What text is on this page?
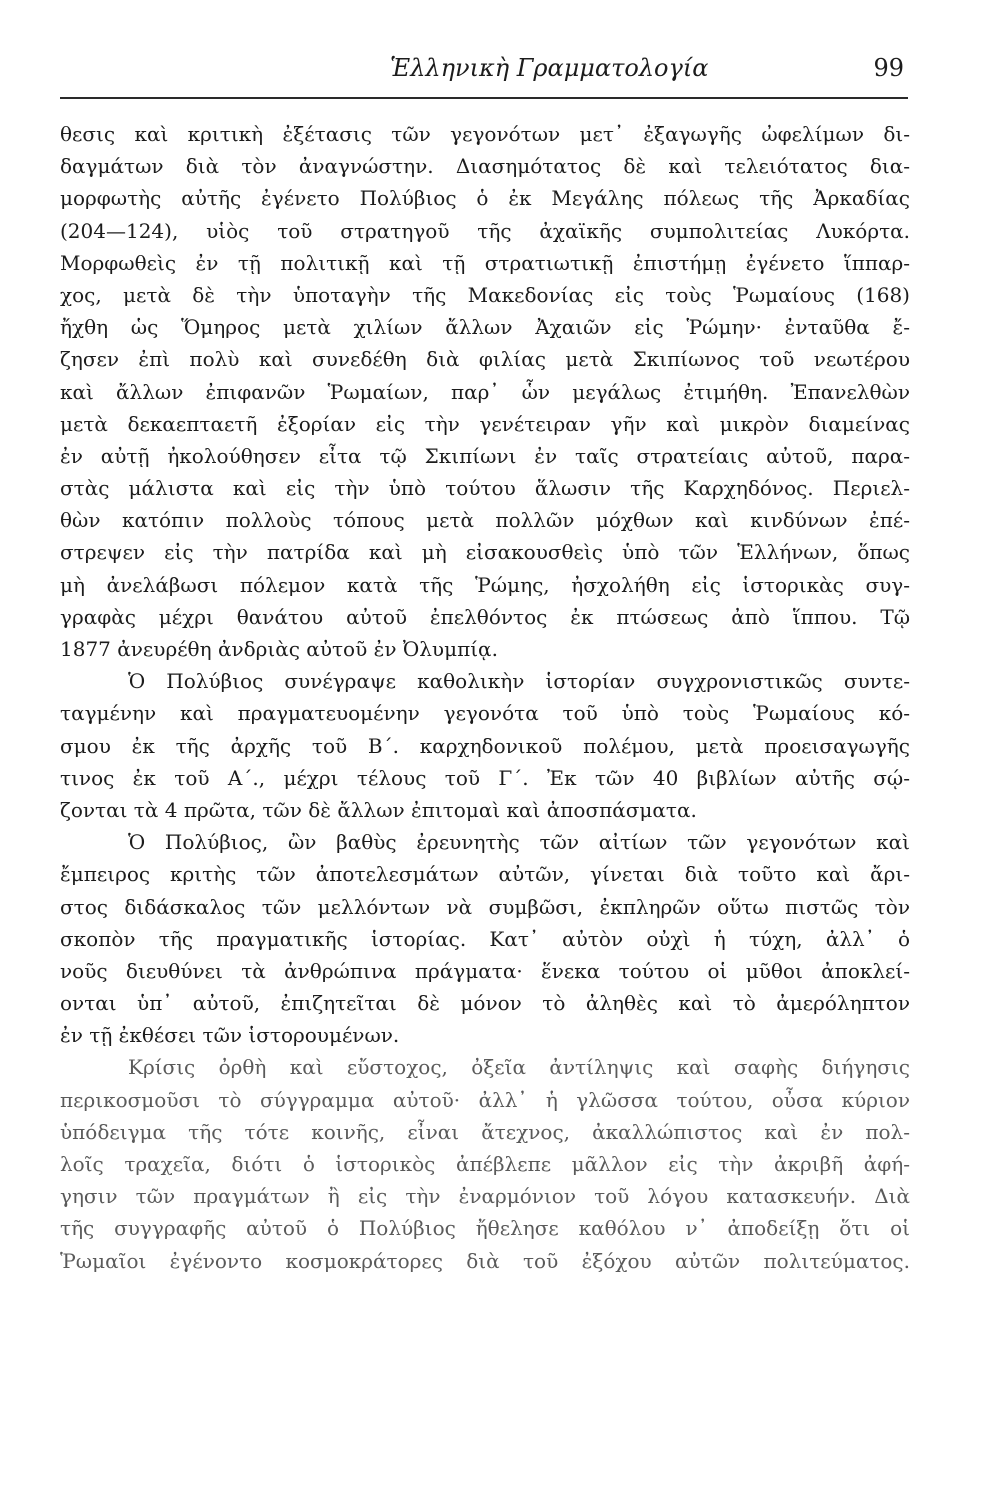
Ἑλληνικὴ Γραμματολογία	99
θεσις καὶ κριτικὴ ἐξέτασις τῶν γεγονότων μετ᾽ ἐξαγωγῆς ὠφελίμων δι-
δαγμάτων διὰ τὸν ἀναγνώστην. Διασημότατος δὲ καὶ τελειότατος δια-
μορφωτὴς αὐτῆς ἐγένετο Πολύβιος ὁ ἐκ Μεγάλης πόλεως τῆς Ἀρκαδίας
(204—124), υἱὸς τοῦ στρατηγοῦ τῆς ἀχαϊκῆς συμπολιτείας Λυκόρτα.
Μορφωθεὶς ἐν τῇ πολιτικῇ καὶ τῇ στρατιωτικῇ ἐπιστήμῃ ἐγένετο ἵππαρ-
χος, μετὰ δὲ τὴν ὑποταγὴν τῆς Μακεδονίας εἰς τοὺς Ῥωμαίους (168)
ἤχθη ὡς Ὅμηρος μετὰ χιλίων ἄλλων Ἀχαιῶν εἰς Ῥώμην· ἐνταῦθα ἔ-
ζησεν ἐπὶ πολὺ καὶ συνεδέθη διὰ φιλίας μετὰ Σκιπίωνος τοῦ νεωτέρου
καὶ ἄλλων ἐπιφανῶν Ῥωμαίων, παρ᾽ ὧν μεγάλως ἐτιμήθη. Ἐπανελθὼν
μετὰ δεκαεπταετῆ ἐξορίαν εἰς τὴν γενέτειραν γῆν καὶ μικρὸν διαμείνας
ἐν αὐτῇ ἠκολούθησεν εἶτα τῷ Σκιπίωνι ἐν ταῖς στρατείαις αὐτοῦ, παρα-
στὰς μάλιστα καὶ εἰς τὴν ὑπὸ τούτου ἅλωσιν τῆς Καρχηδόνος. Περιελ-
θὼν κατόπιν πολλοὺς τόπους μετὰ πολλῶν μόχθων καὶ κινδύνων ἐπέ-
στρεψεν εἰς τὴν πατρίδα καὶ μὴ εἰσακουσθεὶς ὑπὸ τῶν Ἑλλήνων, ὅπως
μὴ ἀνελάβωσι πόλεμον κατὰ τῆς Ῥώμης, ἠσχολήθη εἰς ἱστορικὰς συγ-
γραφὰς μέχρι θανάτου αὐτοῦ ἐπελθόντος ἐκ πτώσεως ἀπὸ ἵππου. Τῷ
1877 ἀνευρέθη ἀνδριὰς αὐτοῦ ἐν Ὀλυμπίᾳ.
Ὁ Πολύβιος συνέγραψε καθολικὴν ἱστορίαν συγχρονιστικῶς συντε-
ταγμένην καὶ πραγματευομένην γεγονότα τοῦ ὑπὸ τοὺς Ῥωμαίους κό-
σμου ἐκ τῆς ἀρχῆς τοῦ Β΄. καρχηδονικοῦ πολέμου, μετὰ προεισαγωγῆς
τινος ἐκ τοῦ Α΄., μέχρι τέλους τοῦ Γ΄. Ἐκ τῶν 40 βιβλίων αὐτῆς σῴ-
ζονται τὰ 4 πρῶτα, τῶν δὲ ἄλλων ἐπιτομαὶ καὶ ἀποσπάσματα.
Ὁ Πολύβιος, ὢν βαθὺς ἐρευνητὴς τῶν αἰτίων τῶν γεγονότων καὶ
ἔμπειρος κριτὴς τῶν ἀποτελεσμάτων αὐτῶν, γίνεται διὰ τοῦτο καὶ ἄρι-
στος διδάσκαλος τῶν μελλόντων νὰ συμβῶσι, ἐκπληρῶν οὕτω πιστῶς τὸν
σκοπὸν τῆς πραγματικῆς ἱστορίας. Κατ᾽ αὐτὸν οὐχὶ ἡ τύχη, ἀλλ᾽ ὁ
νοῦς διευθύνει τὰ ἀνθρώπινα πράγματα· ἕνεκα τούτου οἱ μῦθοι ἀποκλεί-
ονται ὑπ᾽ αὐτοῦ, ἐπιζητεῖται δὲ μόνον τὸ ἀληθὲς καὶ τὸ ἀμερόληπτον
ἐν τῇ ἐκθέσει τῶν ἱστορουμένων.
Κρίσις ὀρθὴ καὶ εὔστοχος, ὀξεῖα ἀντίληψις καὶ σαφὴς διήγησις
περικοσμοῦσι τὸ σύγγραμμα αὐτοῦ· ἀλλ᾽ ἡ γλῶσσα τούτου, οὖσα κύριον
ὑπόδειγμα τῆς τότε κοινῆς, εἶναι ἄτεχνος, ἀκαλλώπιστος καὶ ἐν πολ-
λοῖς τραχεῖα, διότι ὁ ἱστορικὸς ἀπέβλεπε μᾶλλον εἰς τὴν ἀκριβῆ ἀφή-
γησιν τῶν πραγμάτων ἢ εἰς τὴν ἐναρμόνιον τοῦ λόγου κατασκευήν. Διὰ
τῆς συγγραφῆς αὐτοῦ ὁ Πολύβιος ἤθελησε καθόλου ν᾽ ἀποδείξῃ ὅτι οἱ
Ῥωμαῖοι ἐγένοντο κοσμοκράτορες διὰ τοῦ ἐξόχου αὐτῶν πολιτεύματος.
